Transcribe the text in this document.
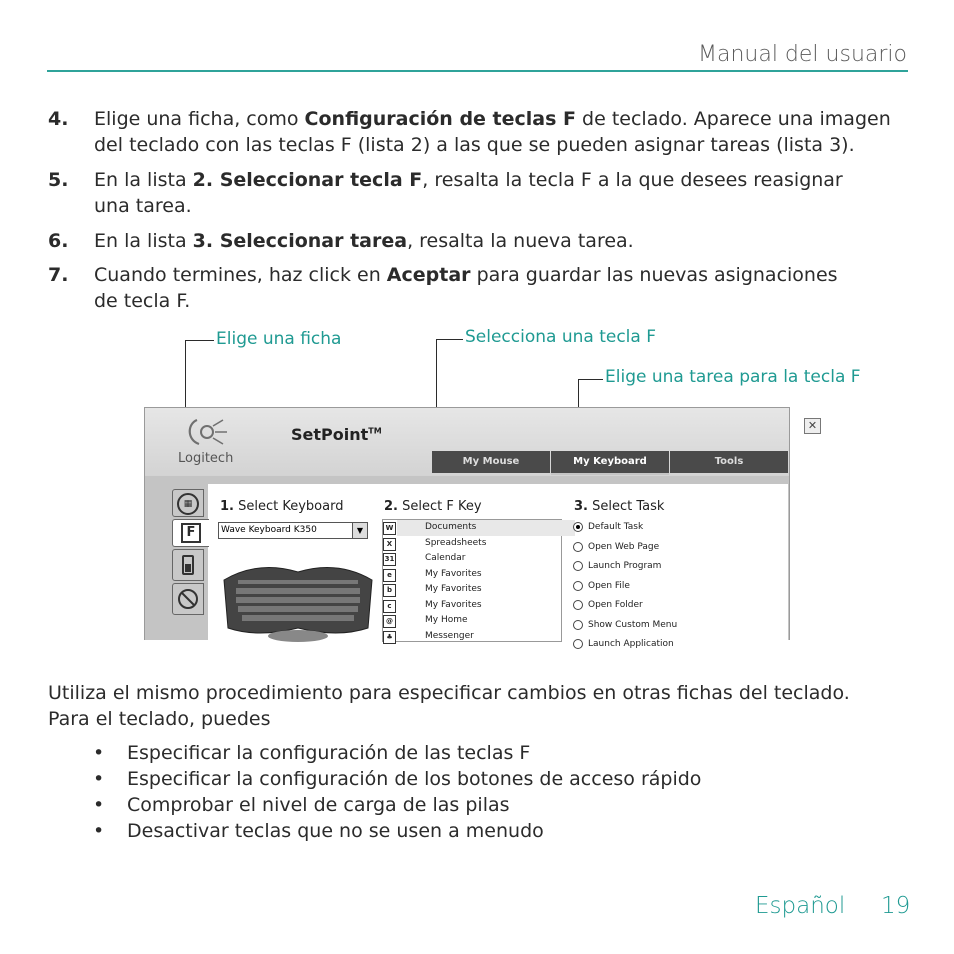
Manual del usuario
4. Elige una ficha, como Configuración de teclas F de teclado. Aparece una imagen
del teclado con las teclas F (lista 2) a las que se pueden asignar tareas (lista 3).
5. En la lista 2. Seleccionar tecla F, resalta la tecla F a la que desees reasignar
una tarea.
6. En la lista 3. Seleccionar tarea, resalta la nueva tarea.
7. Cuando termines, haz click en Aceptar para guardar las nuevas asignaciones
de tecla F.
Elige una ficha	Selecciona una tecla F
Elige una tarea para la tecla F
Logitech
SetPoint™	✕
My Mouse	My Keyboard	Tools
▦
F
1. Select Keyboard
Wave Keyboard K350	▼
2. Select F Key
W	Documents
X	Spreadsheets
31	Calendar
e	My Favorites
b	My Favorites
c	My Favorites
@	My Home
♣	Messenger
3. Select Task
Default Task
Open Web Page
Launch Program
Open File
Open Folder
Show Custom Menu
Launch Application
Utiliza el mismo procedimiento para especificar cambios en otras fichas del teclado.
Para el teclado, puedes
• Especificar la configuración de las teclas F
• Especificar la configuración de los botones de acceso rápido
• Comprobar el nivel de carga de las pilas
• Desactivar teclas que no se usen a menudo
Español 19
